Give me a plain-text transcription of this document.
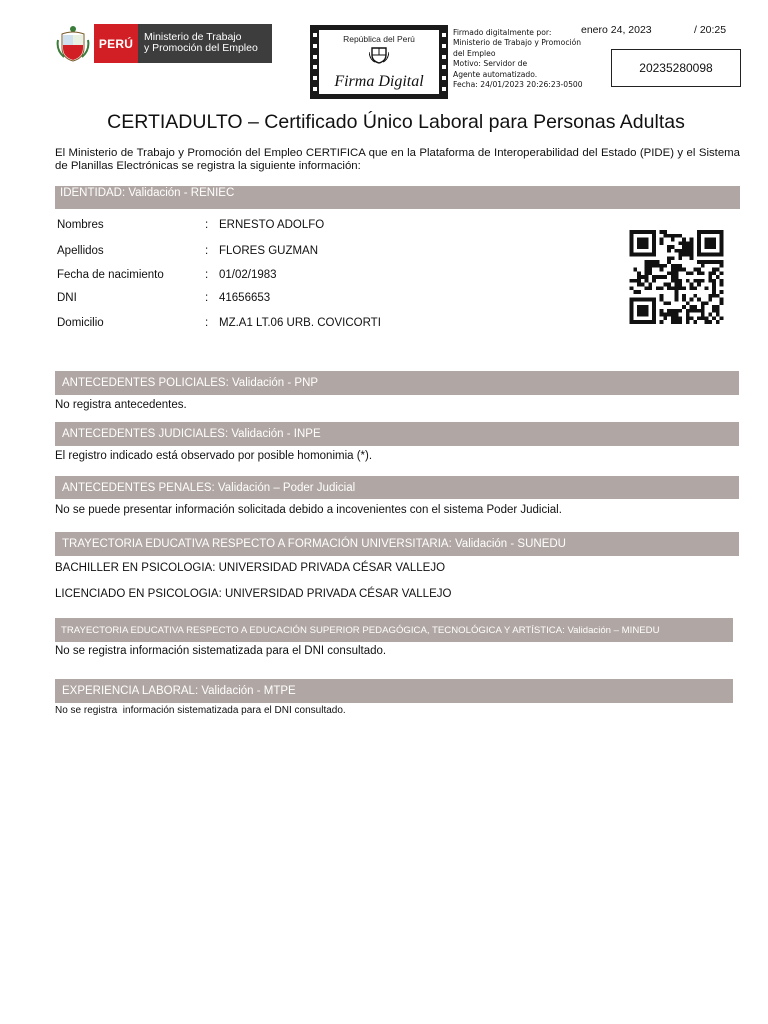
PERÚ	Ministerio de Trabajo
y Promoción del Empleo
República del Perú
Firma Digital
Firmado digitalmente por:
Ministerio de Trabajo y Promoción
del Empleo
Motivo: Servidor de
Agente automatizado.
Fecha: 24/01/2023 20:26:23-0500
enero 24, 2023	/ 20:25
20235280098
CERTIADULTO – Certificado Único Laboral para Personas Adultas
El Ministerio de Trabajo y Promoción del Empleo CERTIFICA que en la Plataforma de Interoperabilidad del Estado (PIDE) y el Sistema de Planillas Electrónicas se registra la siguiente información:
IDENTIDAD: Validación - RENIEC
Nombres	: ERNESTO ADOLFO
Apellidos	: FLORES GUZMAN
Fecha de nacimiento	: 01/02/1983
DNI	: 41656653
Domicilio	: MZ.A1 LT.06 URB. COVICORTI
ANTECEDENTES POLICIALES: Validación - PNP
No registra antecedentes.
ANTECEDENTES JUDICIALES: Validación - INPE
El registro indicado está observado por posible homonimia (*).
ANTECEDENTES PENALES: Validación – Poder Judicial
No se puede presentar información solicitada debido a incovenientes con el sistema Poder Judicial.
TRAYECTORIA EDUCATIVA RESPECTO A FORMACIÓN UNIVERSITARIA: Validación - SUNEDU
BACHILLER EN PSICOLOGIA: UNIVERSIDAD PRIVADA CÉSAR VALLEJO
LICENCIADO EN PSICOLOGIA: UNIVERSIDAD PRIVADA CÉSAR VALLEJO
TRAYECTORIA EDUCATIVA RESPECTO A EDUCACIÓN SUPERIOR PEDAGÓGICA, TECNOLÓGICA Y ARTÍSTICA: Validación – MINEDU
No se registra información sistematizada para el DNI consultado.
EXPERIENCIA LABORAL: Validación - MTPE
No se registra  información sistematizada para el DNI consultado.
